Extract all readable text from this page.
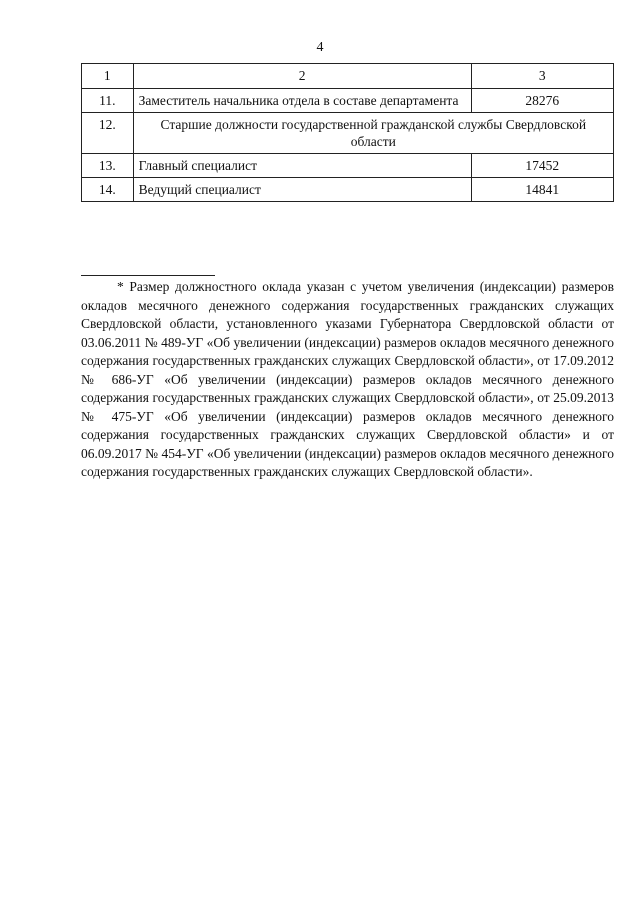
4
1	2	3
11.	Заместитель начальника отдела в составе департамента	28276
12.	Старшие должности государственной гражданской службы Свердловской области	
13.	Главный специалист	17452
14.	Ведущий специалист	14841

* Размер должностного оклада указан с учетом увеличения (индексации) размеров окладов месячного денежного содержания государственных гражданских служащих Свердловской области, установленного указами Губернатора Свердловской области от 03.06.2011 № 489-УГ «Об увеличении (индексации) размеров окладов месячного денежного содержания государственных гражданских служащих Свердловской области», от 17.09.2012 № 686-УГ «Об увеличении (индексации) размеров окладов месячного денежного содержания государственных гражданских служащих Свердловской области», от 25.09.2013 № 475-УГ «Об увеличении (индексации) размеров окладов месячного денежного содержания государственных гражданских служащих Свердловской области» и от 06.09.2017 № 454-УГ «Об увеличении (индексации) размеров окладов месячного денежного содержания государственных гражданских служащих Свердловской области».
